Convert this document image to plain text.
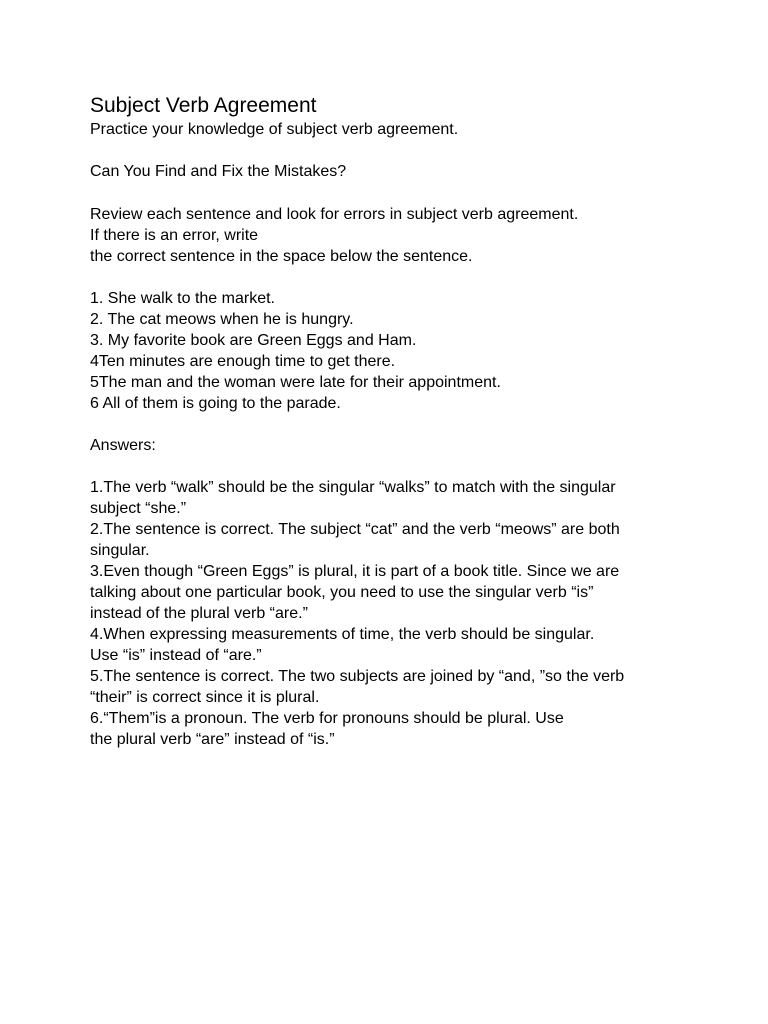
Subject Verb Agreement

Practice your knowledge of subject verb agreement.

Can You Find and Fix the Mistakes?

Review each sentence and look for errors in subject verb agreement.
If there is an error, write
the correct sentence in the space below the sentence.
1. She walk to the market.
2. The cat meows when he is hungry.
3. My favorite book are Green Eggs and Ham.
4Ten minutes are enough time to get there.
5The man and the woman were late for their appointment.
6 All of them is going to the parade.

Answers:

1.The verb “walk” should be the singular “walks” to match with the singular
subject “she.”
2.The sentence is correct. The subject “cat” and the verb “meows” are both
singular.
3.Even though “Green Eggs” is plural, it is part of a book title. Since we are
talking about one particular book, you need to use the singular verb “is”
instead of the plural verb “are.”
4.When expressing measurements of time, the verb should be singular.
Use “is” instead of “are.”
5.The sentence is correct. The two subjects are joined by “and, ”so the verb
“their” is correct since it is plural.
6.“Them”is a pronoun. The verb for pronouns should be plural. Use
the plural verb “are” instead of “is.”
